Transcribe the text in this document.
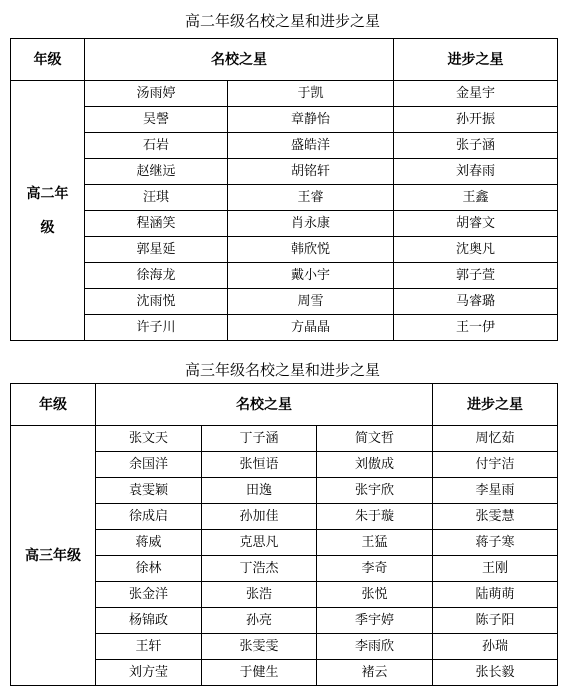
高二年级名校之星和进步之星
年级	名校之星		进步之星
高二年级	汤雨婷	于凯	金星宇
	吴謦	章静怡	孙开振
	石岩	盛皓洋	张子涵
	赵继远	胡铭轩	刘春雨
	汪琪	王睿	王鑫
	程涵笑	肖永康	胡睿文
	郭星延	韩欣悦	沈奥凡
	徐海龙	戴小宇	郭子萱
	沈雨悦	周雪	马睿璐
	许子川	方晶晶	王一伊
高三年级名校之星和进步之星
年级	名校之星			进步之星
高三年级	张文天	丁子涵	简文哲	周忆茹
	余国洋	张恒语	刘傲成	付宇洁
	袁雯颖	田逸	张宇欣	李星雨
	徐成启	孙加佳	朱于璇	张雯慧
	蒋威	克思凡	王猛	蒋子寒
	徐林	丁浩杰	李奇	王刚
	张金洋	张浩	张悦	陆萌萌
	杨锦政	孙亮	季宇婷	陈子阳
	王轩	张雯雯	李雨欣	孙瑞
	刘方莹	于健生	褚云	张长毅
